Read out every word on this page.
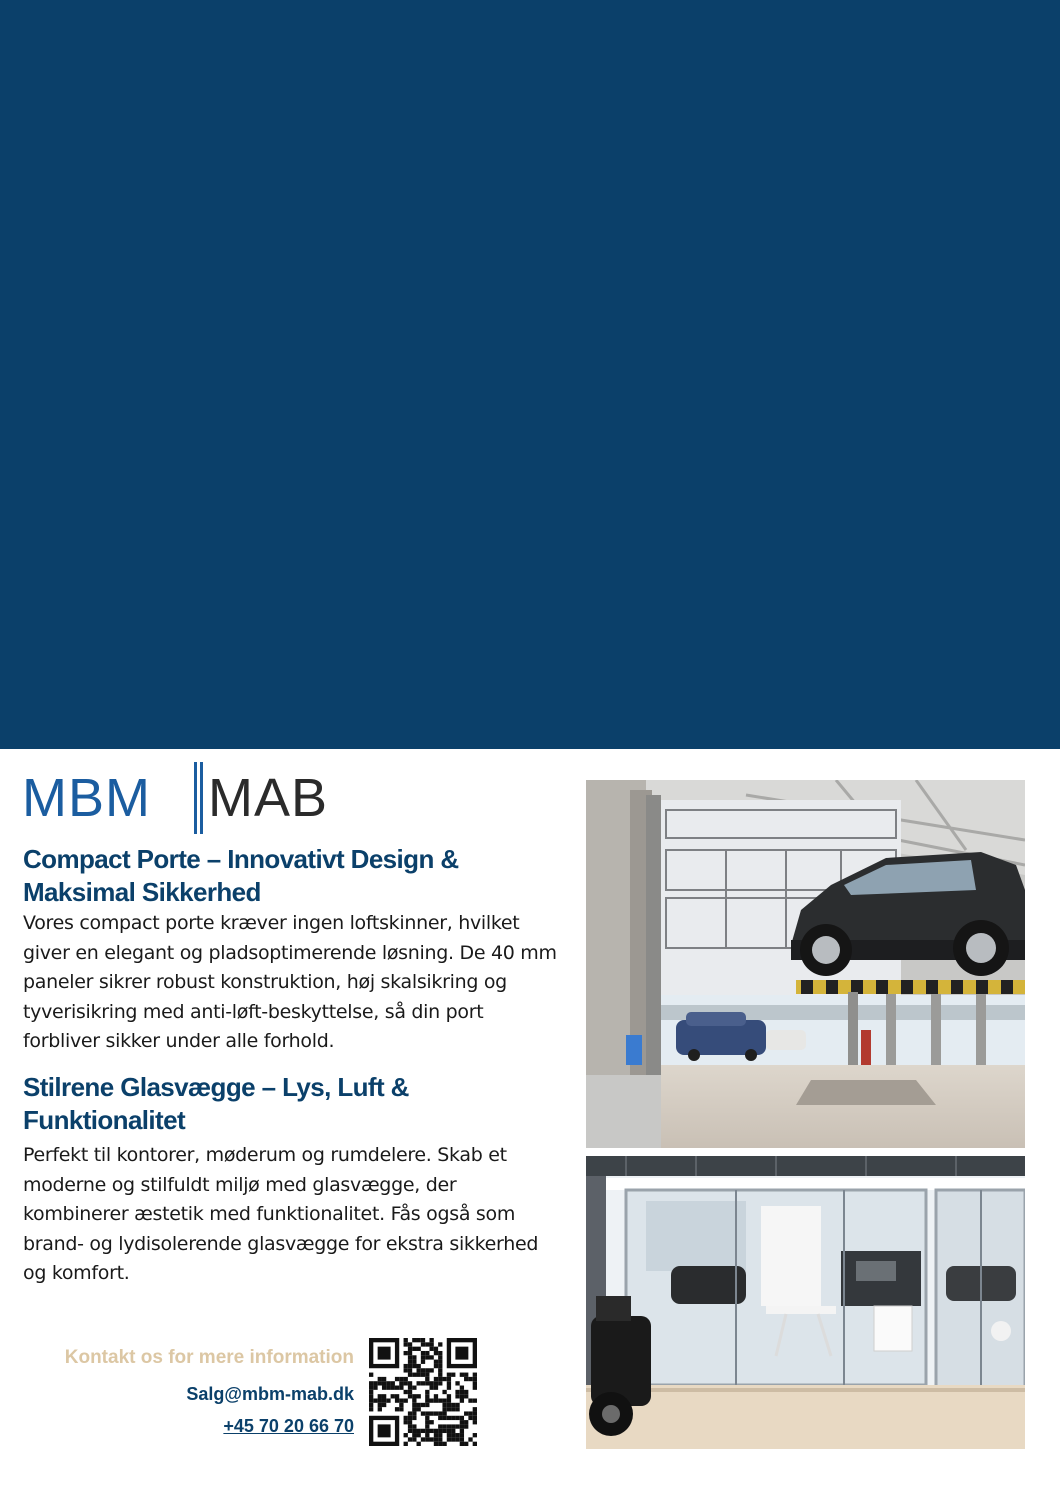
MBM MAB
Compact Porte – Innovativt Design & Maksimal Sikkerhed

Vores compact porte kræver ingen loftskinner, hvilket giver en elegant og pladsoptimerende løsning. De 40 mm paneler sikrer robust konstruktion, høj skalsikring og tyverisikring med anti-løft-beskyttelse, så din port forbliver sikker under alle forhold.

Stilrene Glasvægge – Lys, Luft & Funktionalitet

Perfekt til kontorer, møderum og rumdelere. Skab et moderne og stilfuldt miljø med glasvægge, der kombinerer æstetik med funktionalitet. Fås også som brand- og lydisolerende glasvægge for ekstra sikkerhed og komfort.

Kontakt os for mere information
Salg@mbm-mab.dk
+45 70 20 66 70
